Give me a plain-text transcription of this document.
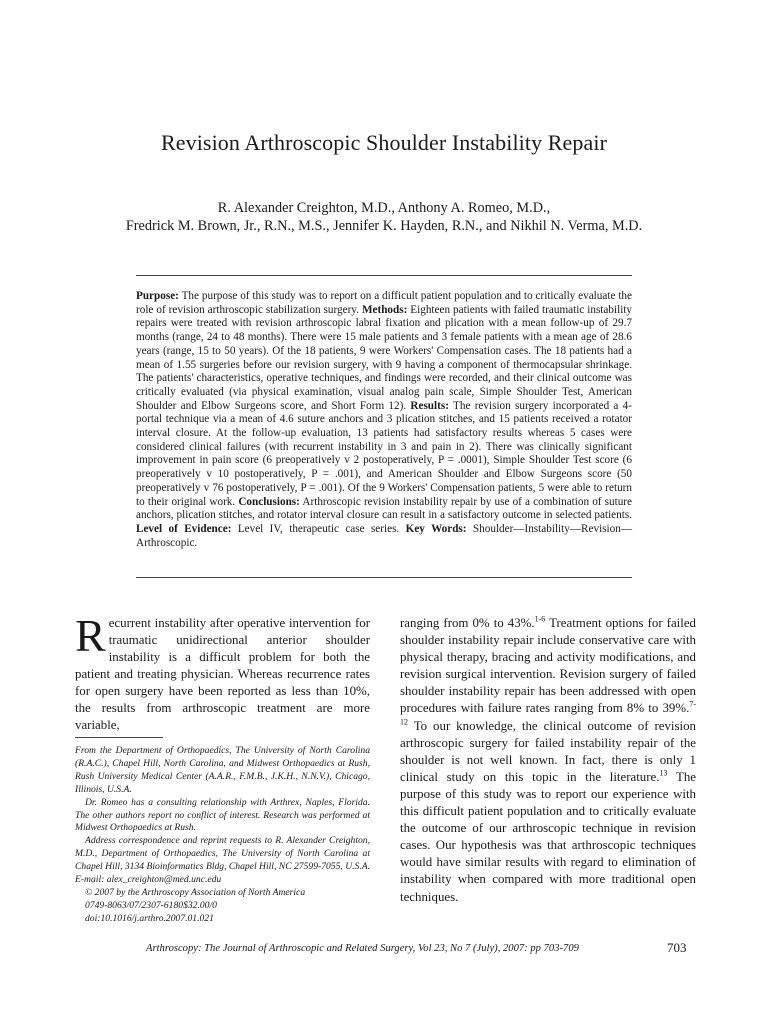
Revision Arthroscopic Shoulder Instability Repair
R. Alexander Creighton, M.D., Anthony A. Romeo, M.D.,
Fredrick M. Brown, Jr., R.N., M.S., Jennifer K. Hayden, R.N., and Nikhil N. Verma, M.D.
Purpose: The purpose of this study was to report on a difficult patient population and to critically evaluate the role of revision arthroscopic stabilization surgery. Methods: Eighteen patients with failed traumatic instability repairs were treated with revision arthroscopic labral fixation and plication with a mean follow-up of 29.7 months (range, 24 to 48 months). There were 15 male patients and 3 female patients with a mean age of 28.6 years (range, 15 to 50 years). Of the 18 patients, 9 were Workers' Compensation cases. The 18 patients had a mean of 1.55 surgeries before our revision surgery, with 9 having a component of thermocapsular shrinkage. The patients' characteristics, operative techniques, and findings were recorded, and their clinical outcome was critically evaluated (via physical examination, visual analog pain scale, Simple Shoulder Test, American Shoulder and Elbow Surgeons score, and Short Form 12). Results: The revision surgery incorporated a 4-portal technique via a mean of 4.6 suture anchors and 3 plication stitches, and 15 patients received a rotator interval closure. At the follow-up evaluation, 13 patients had satisfactory results whereas 5 cases were considered clinical failures (with recurrent instability in 3 and pain in 2). There was clinically significant improvement in pain score (6 preoperatively v 2 postoperatively, P = .0001), Simple Shoulder Test score (6 preoperatively v 10 postoperatively, P = .001), and American Shoulder and Elbow Surgeons score (50 preoperatively v 76 postoperatively, P = .001). Of the 9 Workers' Compensation patients, 5 were able to return to their original work. Conclusions: Arthroscopic revision instability repair by use of a combination of suture anchors, plication stitches, and rotator interval closure can result in a satisfactory outcome in selected patients. Level of Evidence: Level IV, therapeutic case series. Key Words: Shoulder—Instability—Revision—Arthroscopic.
R ecurrent instability after operative intervention for traumatic unidirectional anterior shoulder instability is a difficult problem for both the patient and treating physician. Whereas recurrence rates for open surgery have been reported as less than 10%, the results from arthroscopic treatment are more variable,

From the Department of Orthopaedics, The University of North Carolina (R.A.C.), Chapel Hill, North Carolina, and Midwest Orthopaedics at Rush, Rush University Medical Center (A.A.R., F.M.B., J.K.H., N.N.V.), Chicago, Illinois, U.S.A.

Dr. Romeo has a consulting relationship with Arthrex, Naples, Florida. The other authors report no conflict of interest. Research was performed at Midwest Orthopaedics at Rush.

Address correspondence and reprint requests to R. Alexander Creighton, M.D., Department of Orthopaedics, The University of North Carolina at Chapel Hill, 3134 Bioinformatics Bldg, Chapel Hill, NC 27599-7055, U.S.A. E-mail: alex_creighton@med.unc.edu

© 2007 by the Arthroscopy Association of North America

0749-8063/07/2307-6180$32.00/0

doi:10.1016/j.arthro.2007.01.021

ranging from 0% to 43%.$^{1-6}$ Treatment options for failed shoulder instability repair include conservative care with physical therapy, bracing and activity modifications, and revision surgical intervention. Revision surgery of failed shoulder instability repair has been addressed with open procedures with failure rates ranging from 8% to 39%.$^{7-12}$ To our knowledge, the clinical outcome of revision arthroscopic surgery for failed instability repair of the shoulder is not well known. In fact, there is only 1 clinical study on this topic in the literature.$^{13}$ The purpose of this study was to report our experience with this difficult patient population and to critically evaluate the outcome of our arthroscopic technique in revision cases. Our hypothesis was that arthroscopic techniques would have similar results with regard to elimination of instability when compared with more traditional open techniques.
Arthroscopy: The Journal of Arthroscopic and Related Surgery, Vol 23, No 7 (July), 2007: pp 703-709	703
